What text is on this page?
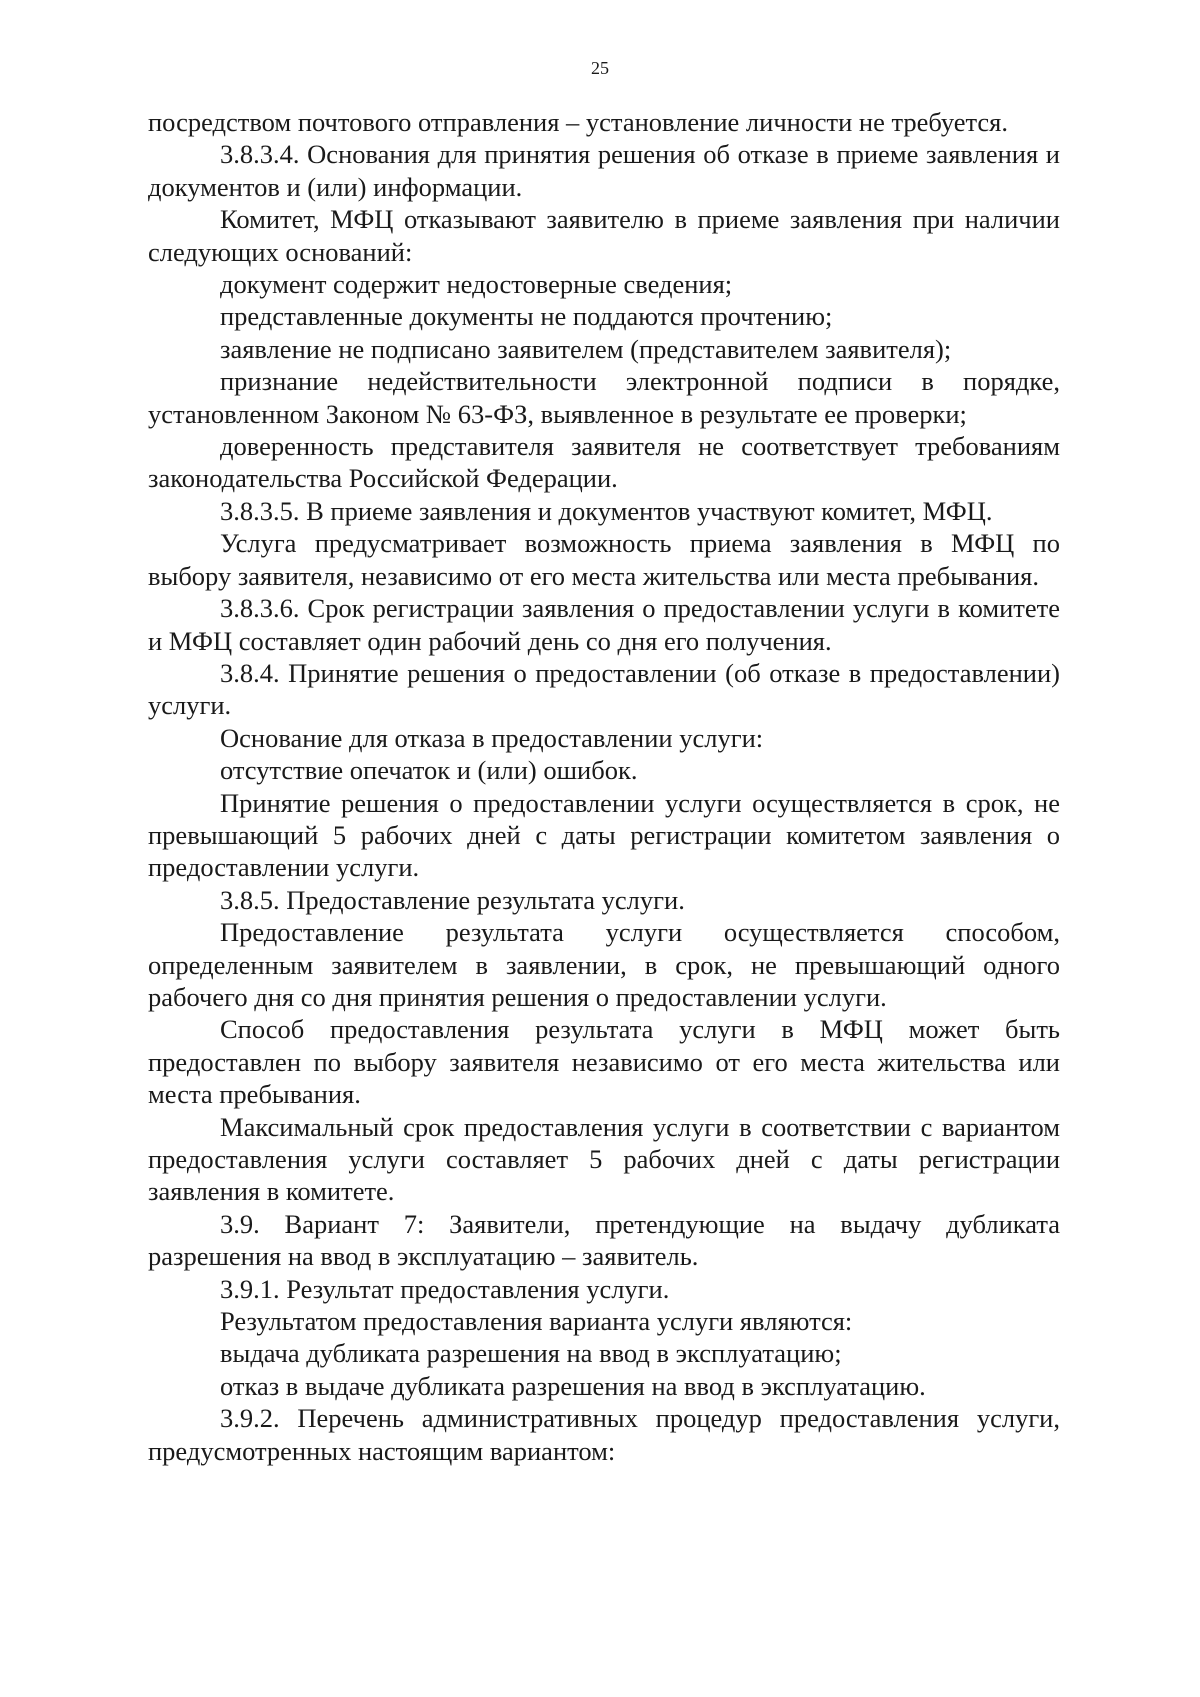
25

посредством почтового отправления – установление личности не требуется.

3.8.3.4. Основания для принятия решения об отказе в приеме заявления и документов и (или) информации.

Комитет, МФЦ отказывают заявителю в приеме заявления при наличии следующих оснований:

документ содержит недостоверные сведения;

представленные документы не поддаются прочтению;

заявление не подписано заявителем (представителем заявителя);

признание недействительности электронной подписи в порядке, установленном Законом № 63-ФЗ, выявленное в результате ее проверки;

доверенность представителя заявителя не соответствует требованиям законодательства Российской Федерации.

3.8.3.5. В приеме заявления и документов участвуют комитет, МФЦ.

Услуга предусматривает возможность приема заявления в МФЦ по выбору заявителя, независимо от его места жительства или места пребывания.

3.8.3.6. Срок регистрации заявления о предоставлении услуги в комитете и МФЦ составляет один рабочий день со дня его получения.

3.8.4. Принятие решения о предоставлении (об отказе в предоставлении) услуги.

Основание для отказа в предоставлении услуги:

отсутствие опечаток и (или) ошибок.

Принятие решения о предоставлении услуги осуществляется в срок, не превышающий 5 рабочих дней с даты регистрации комитетом заявления о предоставлении услуги.

3.8.5. Предоставление результата услуги.

Предоставление результата услуги осуществляется способом, определенным заявителем в заявлении, в срок, не превышающий одного рабочего дня со дня принятия решения о предоставлении услуги.

Способ предоставления результата услуги в МФЦ может быть предоставлен по выбору заявителя независимо от его места жительства или места пребывания.

Максимальный срок предоставления услуги в соответствии с вариантом предоставления услуги составляет 5 рабочих дней с даты регистрации заявления в комитете.

3.9. Вариант 7: Заявители, претендующие на выдачу дубликата разрешения на ввод в эксплуатацию – заявитель.

3.9.1. Результат предоставления услуги.

Результатом предоставления варианта услуги являются:

выдача дубликата разрешения на ввод в эксплуатацию;

отказ в выдаче дубликата разрешения на ввод в эксплуатацию.

3.9.2. Перечень административных процедур предоставления услуги, предусмотренных настоящим вариантом:
